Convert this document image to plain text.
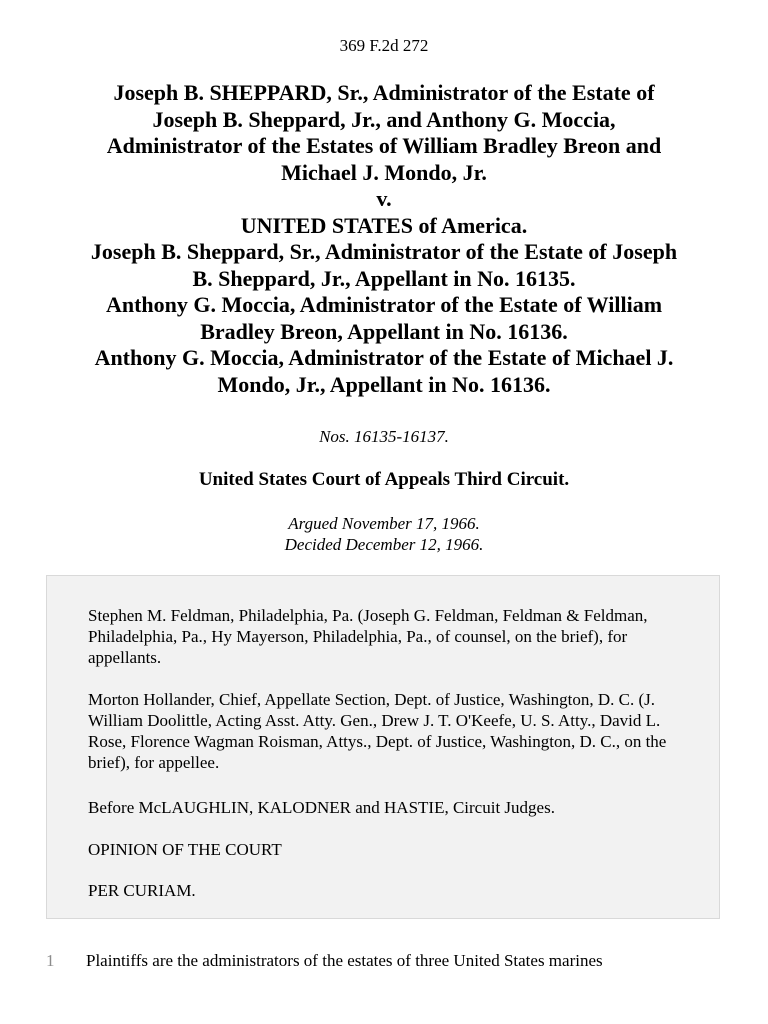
369 F.2d 272
Joseph B. SHEPPARD, Sr., Administrator of the Estate of
Joseph B. Sheppard, Jr., and Anthony G. Moccia,
Administrator of the Estates of William Bradley Breon and
Michael J. Mondo, Jr.
v.
UNITED STATES of America.
Joseph B. Sheppard, Sr., Administrator of the Estate of Joseph
B. Sheppard, Jr., Appellant in No. 16135.
Anthony G. Moccia, Administrator of the Estate of William
Bradley Breon, Appellant in No. 16136.
Anthony G. Moccia, Administrator of the Estate of Michael J.
Mondo, Jr., Appellant in No. 16136.
Nos. 16135-16137.
United States Court of Appeals Third Circuit.
Argued November 17, 1966.
Decided December 12, 1966.

Stephen M. Feldman, Philadelphia, Pa. (Joseph G. Feldman, Feldman & Feldman, Philadelphia, Pa., Hy Mayerson, Philadelphia, Pa., of counsel, on the brief), for appellants.

Morton Hollander, Chief, Appellate Section, Dept. of Justice, Washington, D. C. (J. William Doolittle, Acting Asst. Atty. Gen., Drew J. T. O'Keefe, U. S. Atty., David L. Rose, Florence Wagman Roisman, Attys., Dept. of Justice, Washington, D. C., on the brief), for appellee.

Before McLAUGHLIN, KALODNER and HASTIE, Circuit Judges.

OPINION OF THE COURT

PER CURIAM.

1 Plaintiffs are the administrators of the estates of three United States marines
